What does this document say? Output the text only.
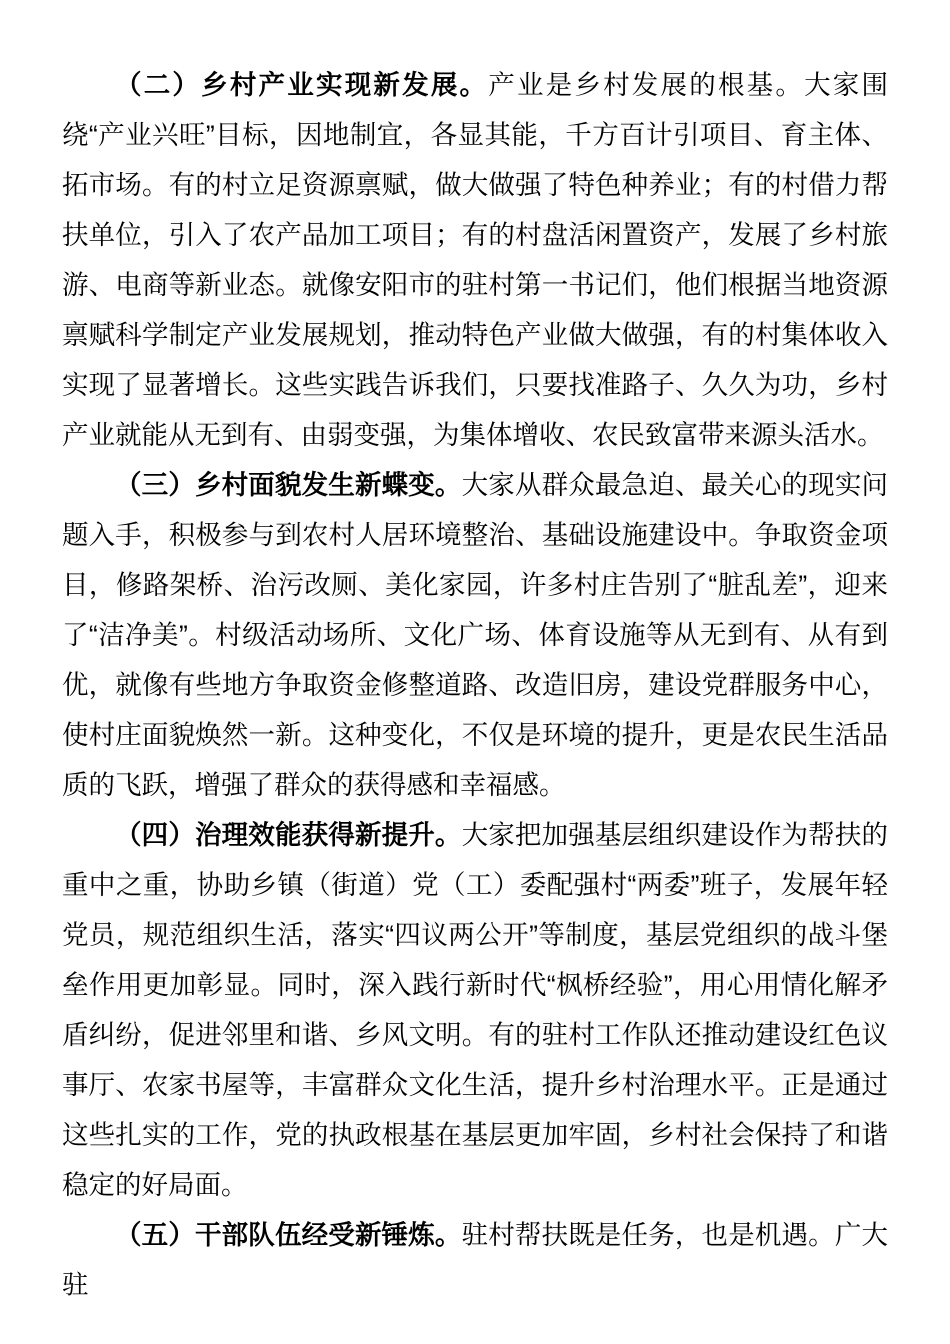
（二）乡村产业实现新发展。产业是乡村发展的根基。大家围绕“产业兴旺”目标，因地制宜，各显其能，千方百计引项目、育主体、拓市场。有的村立足资源禀赋，做大做强了特色种养业；有的村借力帮扶单位，引入了农产品加工项目；有的村盘活闲置资产，发展了乡村旅游、电商等新业态。就像安阳市的驻村第一书记们，他们根据当地资源禀赋科学制定产业发展规划，推动特色产业做大做强，有的村集体收入实现了显著增长。这些实践告诉我们，只要找准路子、久久为功，乡村产业就能从无到有、由弱变强，为集体增收、农民致富带来源头活水。

（三）乡村面貌发生新蝶变。大家从群众最急迫、最关心的现实问题入手，积极参与到农村人居环境整治、基础设施建设中。争取资金项目，修路架桥、治污改厕、美化家园，许多村庄告别了“脏乱差”，迎来了“洁净美”。村级活动场所、文化广场、体育设施等从无到有、从有到优，就像有些地方争取资金修整道路、改造旧房，建设党群服务中心，使村庄面貌焕然一新。这种变化，不仅是环境的提升，更是农民生活品质的飞跃，增强了群众的获得感和幸福感。

（四）治理效能获得新提升。大家把加强基层组织建设作为帮扶的重中之重，协助乡镇（街道）党（工）委配强村“两委”班子，发展年轻党员，规范组织生活，落实“四议两公开”等制度，基层党组织的战斗堡垒作用更加彰显。同时，深入践行新时代“枫桥经验”，用心用情化解矛盾纠纷，促进邻里和谐、乡风文明。有的驻村工作队还推动建设红色议事厅、农家书屋等，丰富群众文化生活，提升乡村治理水平。正是通过这些扎实的工作，党的执政根基在基层更加牢固，乡村社会保持了和谐稳定的好局面。

（五）干部队伍经受新锤炼。驻村帮扶既是任务，也是机遇。广大驻
